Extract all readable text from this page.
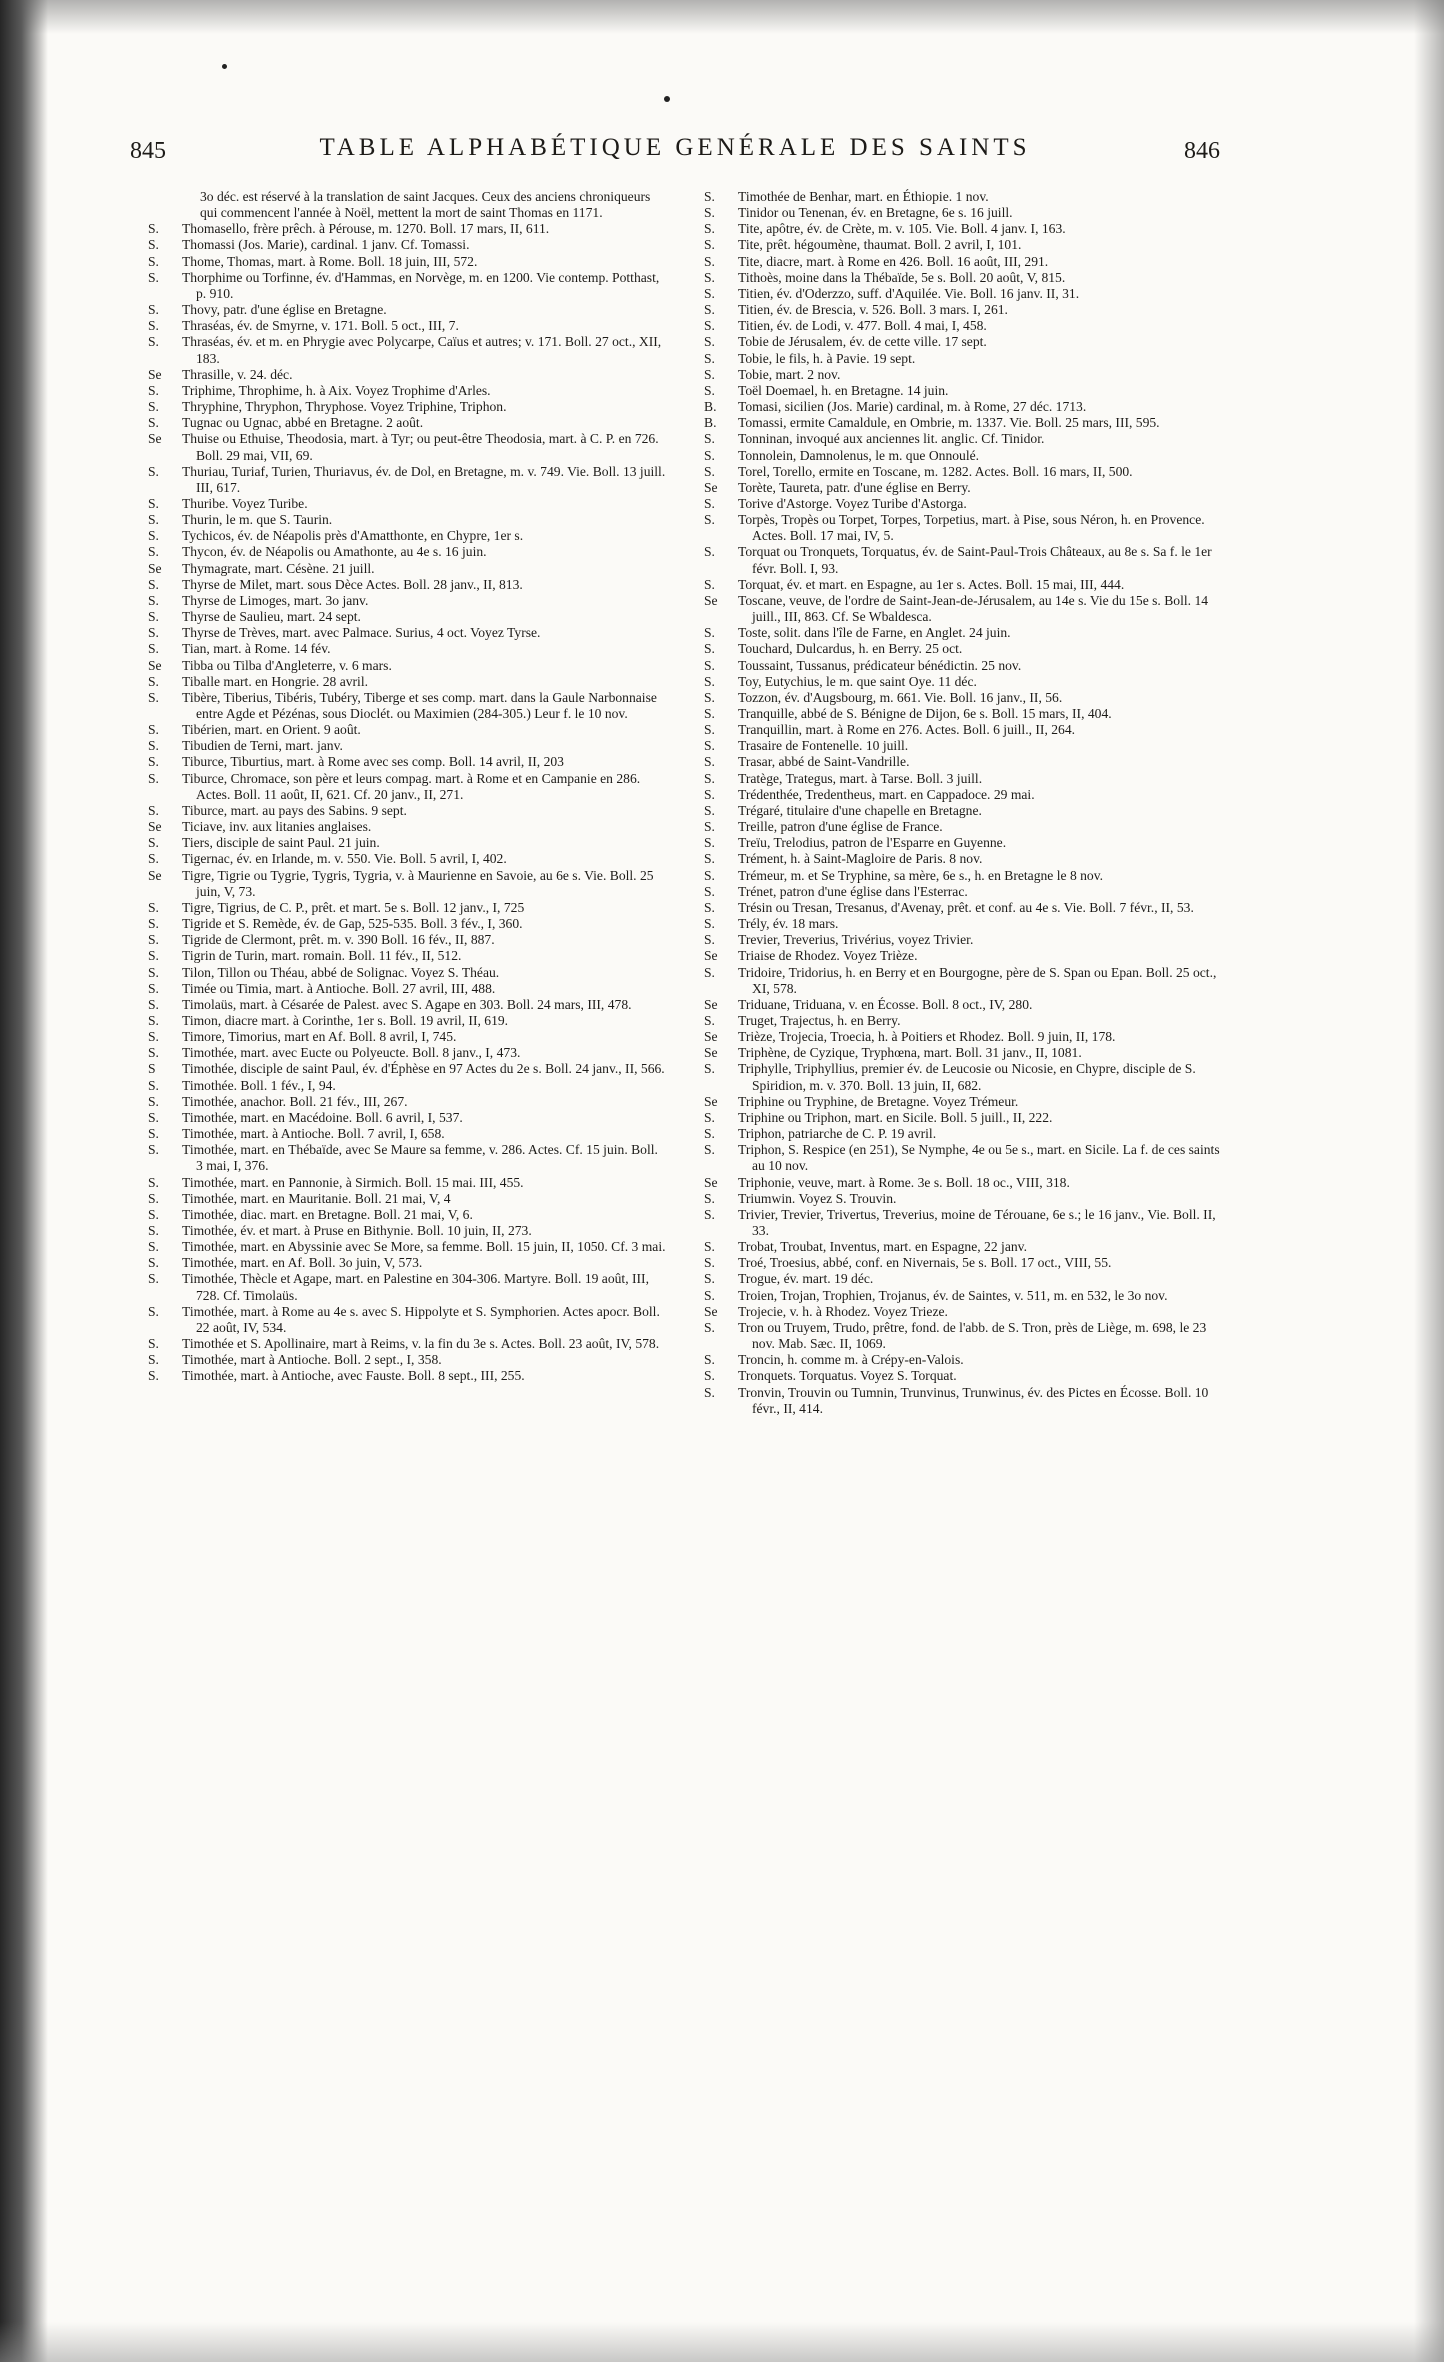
845	TABLE ALPHABÉTIQUE GENÉRALE DES SAINTS	846
3o déc. est réservé à la translation de saint Jacques. Ceux des anciens chroniqueurs qui commencent l'année à Noël, mettent la mort de saint Thomas en 1171.
S.	Thomasello, frère prêch. à Pérouse, m. 1270. Boll. 17 mars, II, 611.
S.	Thomassi (Jos. Marie), cardinal. 1 janv. Cf. Tomassi.
S.	Thome, Thomas, mart. à Rome. Boll. 18 juin, III, 572.
S.	Thorphime ou Torfinne, év. d'Hammas, en Norvège, m. en 1200. Vie contemp. Potthast, p. 910.
S.	Thovy, patr. d'une église en Bretagne.
S.	Thraséas, év. de Smyrne, v. 171. Boll. 5 oct., III, 7.
S.	Thraséas, év. et m. en Phrygie avec Polycarpe, Caïus et autres; v. 171. Boll. 27 oct., XII, 183.
Se	Thrasille, v. 24. déc.
S.	Triphime, Throphime, h. à Aix. Voyez Trophime d'Arles.
S.	Thryphine, Thryphon, Thryphose. Voyez Triphine, Triphon.
S.	Tugnac ou Ugnac, abbé en Bretagne. 2 août.
Se	Thuise ou Ethuise, Theodosia, mart. à Tyr; ou peut-être Theodosia, mart. à C. P. en 726. Boll. 29 mai, VII, 69.
S.	Thuriau, Turiaf, Turien, Thuriavus, év. de Dol, en Bretagne, m. v. 749. Vie. Boll. 13 juill. III, 617.
S.	Thuribe. Voyez Turibe.
S.	Thurin, le m. que S. Taurin.
S.	Tychicos, év. de Néapolis près d'Amatthonte, en Chypre, 1er s.
S.	Thycon, év. de Néapolis ou Amathonte, au 4e s. 16 juin.
Se	Thymagrate, mart. Césène. 21 juill.
S.	Thyrse de Milet, mart. sous Dèce Actes. Boll. 28 janv., II, 813.
S.	Thyrse de Limoges, mart. 3o janv.
S.	Thyrse de Saulieu, mart. 24 sept.
S.	Thyrse de Trèves, mart. avec Palmace. Surius, 4 oct. Voyez Tyrse.
S.	Tian, mart. à Rome. 14 fév.
Se	Tibba ou Tilba d'Angleterre, v. 6 mars.
S.	Tiballe mart. en Hongrie. 28 avril.
S.	Tibère, Tiberius, Tibéris, Tubéry, Tiberge et ses comp. mart. dans la Gaule Narbonnaise entre Agde et Pézénas, sous Dioclét. ou Maximien (284-305.) Leur f. le 10 nov.
S.	Tibérien, mart. en Orient. 9 août.
S.	Tibudien de Terni, mart. janv.
S.	Tiburce, Tiburtius, mart. à Rome avec ses comp. Boll. 14 avril, II, 203
S.	Tiburce, Chromace, son père et leurs compag. mart. à Rome et en Campanie en 286. Actes. Boll. 11 août, II, 621. Cf. 20 janv., II, 271.
S.	Tiburce, mart. au pays des Sabins. 9 sept.
Se	Ticiave, inv. aux litanies anglaises.
S.	Tiers, disciple de saint Paul. 21 juin.
S.	Tigernac, év. en Irlande, m. v. 550. Vie. Boll. 5 avril, I, 402.
Se	Tigre, Tigrie ou Tygrie, Tygris, Tygria, v. à Maurienne en Savoie, au 6e s. Vie. Boll. 25 juin, V, 73.
S.	Tigre, Tigrius, de C. P., prêt. et mart. 5e s. Boll. 12 janv., I, 725
S.	Tigride et S. Remède, év. de Gap, 525-535. Boll. 3 fév., I, 360.
S.	Tigride de Clermont, prêt. m. v. 390 Boll. 16 fév., II, 887.
S.	Tigrin de Turin, mart. romain. Boll. 11 fév., II, 512.
S.	Tilon, Tillon ou Théau, abbé de Solignac. Voyez S. Théau.
S.	Timée ou Timia, mart. à Antioche. Boll. 27 avril, III, 488.
S.	Timolaüs, mart. à Césarée de Palest. avec S. Agape en 303. Boll. 24 mars, III, 478.
S.	Timon, diacre mart. à Corinthe, 1er s. Boll. 19 avril, II, 619.
S.	Timore, Timorius, mart en Af. Boll. 8 avril, I, 745.
S.	Timothée, mart. avec Eucte ou Polyeucte. Boll. 8 janv., I, 473.
S	Timothée, disciple de saint Paul, év. d'Éphèse en 97 Actes du 2e s. Boll. 24 janv., II, 566.
S.	Timothée. Boll. 1 fév., I, 94.
S.	Timothée, anachor. Boll. 21 fév., III, 267.
S.	Timothée, mart. en Macédoine. Boll. 6 avril, I, 537.
S.	Timothée, mart. à Antioche. Boll. 7 avril, I, 658.
S.	Timothée, mart. en Thébaïde, avec Se Maure sa femme, v. 286. Actes. Cf. 15 juin. Boll. 3 mai, I, 376.
S.	Timothée, mart. en Pannonie, à Sirmich. Boll. 15 mai. III, 455.
S.	Timothée, mart. en Mauritanie. Boll. 21 mai, V, 4
S.	Timothée, diac. mart. en Bretagne. Boll. 21 mai, V, 6.
S.	Timothée, év. et mart. à Pruse en Bithynie. Boll. 10 juin, II, 273.
S.	Timothée, mart. en Abyssinie avec Se More, sa femme. Boll. 15 juin, II, 1050. Cf. 3 mai.
S.	Timothée, mart. en Af. Boll. 3o juin, V, 573.
S.	Timothée, Thècle et Agape, mart. en Palestine en 304-306. Martyre. Boll. 19 août, III, 728. Cf. Timolaüs.
S.	Timothée, mart. à Rome au 4e s. avec S. Hippolyte et S. Symphorien. Actes apocr. Boll. 22 août, IV, 534.
S.	Timothée et S. Apollinaire, mart à Reims, v. la fin du 3e s. Actes. Boll. 23 août, IV, 578.
S.	Timothée, mart à Antioche. Boll. 2 sept., I, 358.
S.	Timothée, mart. à Antioche, avec Fauste. Boll. 8 sept., III, 255.
S.	Timothée de Benhar, mart. en Éthiopie. 1 nov.
S.	Tinidor ou Tenenan, év. en Bretagne, 6e s. 16 juill.
S.	Tite, apôtre, év. de Crète, m. v. 105. Vie. Boll. 4 janv. I, 163.
S.	Tite, prêt. hégoumène, thaumat. Boll. 2 avril, I, 101.
S.	Tite, diacre, mart. à Rome en 426. Boll. 16 août, III, 291.
S.	Tithoès, moine dans la Thébaïde, 5e s. Boll. 20 août, V, 815.
S.	Titien, év. d'Oderzzo, suff. d'Aquilée. Vie. Boll. 16 janv. II, 31.
S.	Titien, év. de Brescia, v. 526. Boll. 3 mars. I, 261.
S.	Titien, év. de Lodi, v. 477. Boll. 4 mai, I, 458.
S.	Tobie de Jérusalem, év. de cette ville. 17 sept.
S.	Tobie, le fils, h. à Pavie. 19 sept.
S.	Tobie, mart. 2 nov.
S.	Toël Doemael, h. en Bretagne. 14 juin.
B.	Tomasi, sicilien (Jos. Marie) cardinal, m. à Rome, 27 déc. 1713.
B.	Tomassi, ermite Camaldule, en Ombrie, m. 1337. Vie. Boll. 25 mars, III, 595.
S.	Tonninan, invoqué aux anciennes lit. anglic. Cf. Tinidor.
S.	Tonnolein, Damnolenus, le m. que Onnoulé.
S.	Torel, Torello, ermite en Toscane, m. 1282. Actes. Boll. 16 mars, II, 500.
Se	Torète, Taureta, patr. d'une église en Berry.
S.	Torive d'Astorge. Voyez Turibe d'Astorga.
S.	Torpès, Tropès ou Torpet, Torpes, Torpetius, mart. à Pise, sous Néron, h. en Provence. Actes. Boll. 17 mai, IV, 5.
S.	Torquat ou Tronquets, Torquatus, év. de Saint-Paul-Trois Châteaux, au 8e s. Sa f. le 1er févr. Boll. I, 93.
S.	Torquat, év. et mart. en Espagne, au 1er s. Actes. Boll. 15 mai, III, 444.
Se	Toscane, veuve, de l'ordre de Saint-Jean-de-Jérusalem, au 14e s. Vie du 15e s. Boll. 14 juill., III, 863. Cf. Se Wbaldesca.
S.	Toste, solit. dans l'île de Farne, en Anglet. 24 juin.
S.	Touchard, Dulcardus, h. en Berry. 25 oct.
S.	Toussaint, Tussanus, prédicateur bénédictin. 25 nov.
S.	Toy, Eutychius, le m. que saint Oye. 11 déc.
S.	Tozzon, év. d'Augsbourg, m. 661. Vie. Boll. 16 janv., II, 56.
S.	Tranquille, abbé de S. Bénigne de Dijon, 6e s. Boll. 15 mars, II, 404.
S.	Tranquillin, mart. à Rome en 276. Actes. Boll. 6 juill., II, 264.
S.	Trasaire de Fontenelle. 10 juill.
S.	Trasar, abbé de Saint-Vandrille.
S.	Tratège, Trategus, mart. à Tarse. Boll. 3 juill.
S.	Trédenthée, Tredentheus, mart. en Cappadoce. 29 mai.
S.	Trégaré, titulaire d'une chapelle en Bretagne.
S.	Treille, patron d'une église de France.
S.	Treïu, Trelodius, patron de l'Esparre en Guyenne.
S.	Trément, h. à Saint-Magloire de Paris. 8 nov.
S.	Trémeur, m. et Se Tryphine, sa mère, 6e s., h. en Bretagne le 8 nov.
S.	Trénet, patron d'une église dans l'Esterrac.
S.	Trésin ou Tresan, Tresanus, d'Avenay, prêt. et conf. au 4e s. Vie. Boll. 7 févr., II, 53.
S.	Trély, év. 18 mars.
S.	Trevier, Treverius, Trivérius, voyez Trivier.
Se	Triaise de Rhodez. Voyez Trièze.
S.	Tridoire, Tridorius, h. en Berry et en Bourgogne, père de S. Span ou Epan. Boll. 25 oct., XI, 578.
Se	Triduane, Triduana, v. en Écosse. Boll. 8 oct., IV, 280.
S.	Truget, Trajectus, h. en Berry.
Se	Trièze, Trojecia, Troecia, h. à Poitiers et Rhodez. Boll. 9 juin, II, 178.
Se	Triphène, de Cyzique, Tryphœna, mart. Boll. 31 janv., II, 1081.
S.	Triphylle, Triphyllius, premier év. de Leucosie ou Nicosie, en Chypre, disciple de S. Spiridion, m. v. 370. Boll. 13 juin, II, 682.
Se	Triphine ou Tryphine, de Bretagne. Voyez Trémeur.
S.	Triphine ou Triphon, mart. en Sicile. Boll. 5 juill., II, 222.
S.	Triphon, patriarche de C. P. 19 avril.
S.	Triphon, S. Respice (en 251), Se Nymphe, 4e ou 5e s., mart. en Sicile. La f. de ces saints au 10 nov.
Se	Triphonie, veuve, mart. à Rome. 3e s. Boll. 18 oc., VIII, 318.
S.	Triumwin. Voyez S. Trouvin.
S.	Trivier, Trevier, Trivertus, Treverius, moine de Térouane, 6e s.; le 16 janv., Vie. Boll. II, 33.
S.	Trobat, Troubat, Inventus, mart. en Espagne, 22 janv.
S.	Troé, Troesius, abbé, conf. en Nivernais, 5e s. Boll. 17 oct., VIII, 55.
S.	Trogue, év. mart. 19 déc.
S.	Troien, Trojan, Trophien, Trojanus, év. de Saintes, v. 511, m. en 532, le 3o nov.
Se	Trojecie, v. h. à Rhodez. Voyez Trieze.
S.	Tron ou Truyem, Trudo, prêtre, fond. de l'abb. de S. Tron, près de Liège, m. 698, le 23 nov. Mab. Sæc. II, 1069.
S.	Troncin, h. comme m. à Crépy-en-Valois.
S.	Tronquets. Torquatus. Voyez S. Torquat.
S.	Tronvin, Trouvin ou Tumnin, Trunvinus, Trunwinus, év. des Pictes en Écosse. Boll. 10 févr., II, 414.
